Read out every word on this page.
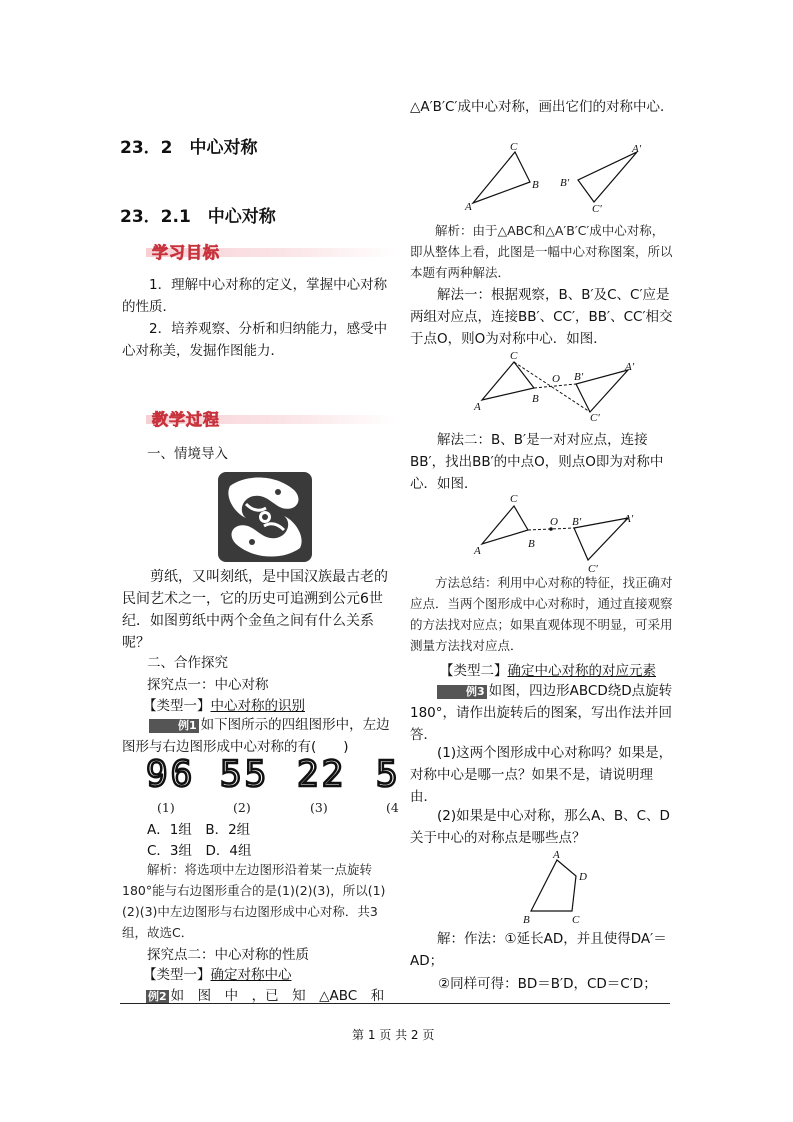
23．2　中心对称
23．2.1　中心对称
学习目标
1．理解中心对称的定义，掌握中心对称的性质．
2．培养观察、分析和归纳能力，感受中心对称美，发掘作图能力．
教学过程
一、情境导入
剪纸，又叫刻纸，是中国汉族最古老的民间艺术之一，它的历史可追溯到公元6世纪．如图剪纸中两个金鱼之间有什么关系呢？
二、合作探究
探究点一：中心对称
【类型一】中心对称的识别
例1 如下图所示的四组图形中，左边图形与右边图形成中心对称的有(　　)
96 55 22 5
(1)	(2)	(3)	(4
A．1组　B．2组
C．3组　D．4组
解析：将选项中左边图形沿着某一点旋转180°能与右边图形重合的是(1)(2)(3)，所以(1)(2)(3)中左边图形与右边图形成中心对称．共3组，故选C．
探究点二：中心对称的性质
【类型一】确定对称中心
例2 如　图　中　，已　知　△ABC　和
△A′B′C′成中心对称，画出它们的对称中心．
A
C
B
A′
B′
C′
解析：由于△ABC和△A′B′C′成中心对称，即从整体上看，此图是一幅中心对称图案，所以本题有两种解法．
解法一：根据观察，B、B′及C、C′应是两组对应点，连接BB′、CC′，BB′、CC′相交于点O，则O为对称中心．如图．
A
C
B
O B′
A′
C′
解法二：B、B′是一对对应点，连接BB′，找出BB′的中点O，则点O即为对称中心．如图．
A
C
B
O B′	A′
C′
方法总结：利用中心对称的特征，找正确对应点．当两个图形成中心对称时，通过直接观察的方法找对应点；如果直观体现不明显，可采用测量方法找对应点．
【类型二】确定中心对称的对应元素
例3 如图，四边形ABCD绕D点旋转180°，请作出旋转后的图案，写出作法并回答．
(1)这两个图形成中心对称吗？如果是，对称中心是哪一点？如果不是，请说明理由．
(2)如果是中心对称，那么A、B、C、D关于中心的对称点是哪些点？
A
D
C
B
解：作法：①延长AD，并且使得DA′＝AD；
②同样可得：BD＝B′D，CD＝C′D；
第 1 页 共 2 页
